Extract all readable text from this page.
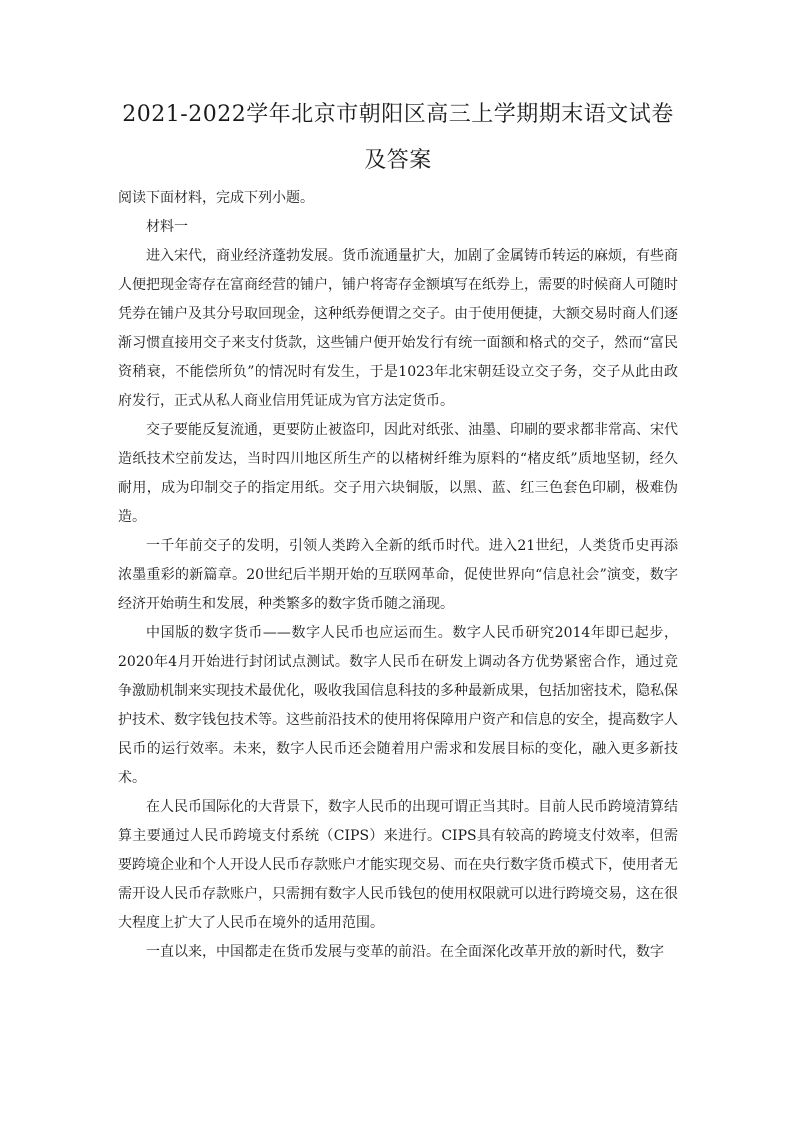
2021-2022学年北京市朝阳区高三上学期期末语文试卷及答案

阅读下面材料，完成下列小题。

材料一

进入宋代，商业经济蓬勃发展。货币流通量扩大，加剧了金属铸币转运的麻烦，有些商人便把现金寄存在富商经营的铺户，铺户将寄存金额填写在纸券上，需要的时候商人可随时凭券在铺户及其分号取回现金，这种纸券便谓之交子。由于使用便捷，大额交易时商人们逐渐习惯直接用交子来支付货款，这些铺户便开始发行有统一面额和格式的交子，然而“富民资稍衰，不能偿所负”的情况时有发生，于是1023年北宋朝廷设立交子务，交子从此由政府发行，正式从私人商业信用凭证成为官方法定货币。

交子要能反复流通，更要防止被盗印，因此对纸张、油墨、印刷的要求都非常高、宋代造纸技术空前发达，当时四川地区所生产的以楮树纤维为原料的“楮皮纸”质地坚韧，经久耐用，成为印制交子的指定用纸。交子用六块铜版，以黑、蓝、红三色套色印刷，极难伪造。

一千年前交子的发明，引领人类跨入全新的纸币时代。进入21世纪，人类货币史再添浓墨重彩的新篇章。20世纪后半期开始的互联网革命，促使世界向“信息社会”演变，数字经济开始萌生和发展，种类繁多的数字货币随之涌现。

中国版的数字货币——数字人民币也应运而生。数字人民币研究2014年即已起步，2020年4月开始进行封闭试点测试。数字人民币在研发上调动各方优势紧密合作，通过竞争激励机制来实现技术最优化，吸收我国信息科技的多种最新成果，包括加密技术，隐私保护技术、数字钱包技术等。这些前沿技术的使用将保障用户资产和信息的安全，提高数字人民币的运行效率。未来，数字人民币还会随着用户需求和发展目标的变化，融入更多新技术。

在人民币国际化的大背景下，数字人民币的出现可谓正当其时。目前人民币跨境清算结算主要通过人民币跨境支付系统（CIPS）来进行。CIPS具有较高的跨境支付效率，但需要跨境企业和个人开设人民币存款账户才能实现交易、而在央行数字货币模式下，使用者无需开设人民币存款账户，只需拥有数字人民币钱包的使用权限就可以进行跨境交易，这在很大程度上扩大了人民币在境外的适用范围。

一直以来，中国都走在货币发展与变革的前沿。在全面深化改革开放的新时代，数字
